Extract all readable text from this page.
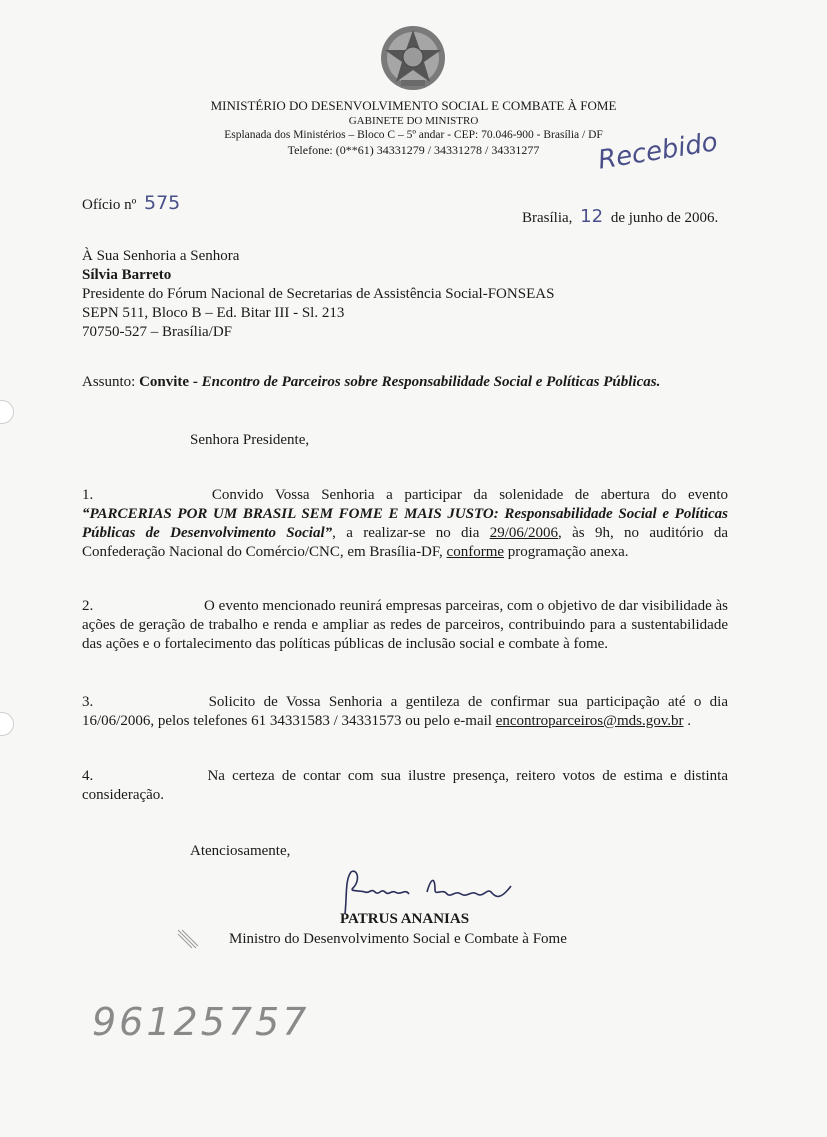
MINISTÉRIO DO DESENVOLVIMENTO SOCIAL E COMBATE À FOME
GABINETE DO MINISTRO
Esplanada dos Ministérios – Bloco C – 5º andar - CEP: 70.046-900 - Brasília / DF
Telefone: (0**61) 34331279 / 34331278 / 34331277	Recebido
Ofício nº 575
Brasília, 12 de junho de 2006.
À Sua Senhoria a Senhora
Sílvia Barreto
Presidente do Fórum Nacional de Secretarias de Assistência Social-FONSEAS
SEPN 511, Bloco B – Ed. Bitar III - Sl. 213
70750-527 – Brasília/DF
Assunto: Convite - Encontro de Parceiros sobre Responsabilidade Social e Políticas Públicas.
Senhora Presidente,
1.	Convido Vossa Senhoria a participar da solenidade de abertura do evento “PARCERIAS POR UM BRASIL SEM FOME E MAIS JUSTO: Responsabilidade Social e Políticas Públicas de Desenvolvimento Social”, a realizar-se no dia 29/06/2006, às 9h, no auditório da Confederação Nacional do Comércio/CNC, em Brasília-DF, conforme programação anexa.
2.	O evento mencionado reunirá empresas parceiras, com o objetivo de dar visibilidade às ações de geração de trabalho e renda e ampliar as redes de parceiros, contribuindo para a sustentabilidade das ações e o fortalecimento das políticas públicas de inclusão social e combate à fome.
3.	Solicito de Vossa Senhoria a gentileza de confirmar sua participação até o dia 16/06/2006, pelos telefones 61 34331583 / 34331573 ou pelo e-mail encontroparceiros@mds.gov.br .
4.	Na certeza de contar com sua ilustre presença, reitero votos de estima e distinta consideração.
Atenciosamente,
PATRUS ANANIAS
Ministro do Desenvolvimento Social e Combate à Fome
96125757
